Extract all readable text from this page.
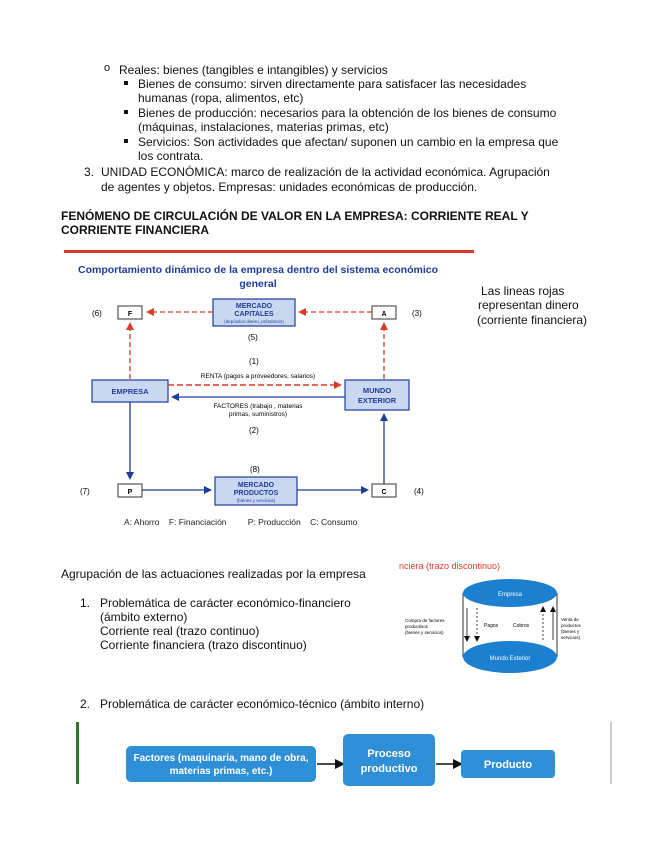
o Reales: bienes (tangibles e intangibles) y servicios
Bienes de consumo: sirven directamente para satisfacer las necesidades
humanas (ropa, alimentos, etc)
Bienes de producción: necesarios para la obtención de los bienes de consumo
(máquinas, instalaciones, materias primas, etc)
Servicios: Son actividades que afectan/ suponen un cambio en la empresa que
los contrata.
3. UNIDAD ECONÓMICA: marco de realización de la actividad económica. Agrupación
de agentes y objetos. Empresas: unidades económicas de producción.
FENÓMENO DE CIRCULACIÓN DE VALOR EN LA EMPRESA: CORRIENTE REAL Y
CORRIENTE FINANCIERA
Comportamiento dinámico de la empresa dentro del sistema económico
general
MERCADO
CAPITALES
(depósitos dinero, préstamos)
F	A
(6)	(3)
(5)
EMPRESA	MUNDO
EXTERIOR
(1)
RENTA (pagos a proveedores, salarios)
FACTORES (trabajo , materias
primas, suministros)
(2)
(8)
MERCADO
PRODUCTOS
(bienes y servicios)
P	C
(7)	(4)
A: Ahorro    F: Financiación         P: Producción    C: Consumo
Las lineas rojas
representan dinero
(corriente financiera)
Agrupación de las actuaciones realizadas por la empresa
1. Problemática de carácter económico-financiero
(ámbito externo)
Corriente real (trazo continuo)
Corriente financiera (trazo discontinuo)
nciera (trazo discontinuo)
Empresa
Mundo Exterior
Pagos	Cobros
Compra de factores
productivos
(bienes y servicios)
Venta de
productos
(bienes y
servicios)
2. Problemática de carácter económico-técnico (ámbito interno)
Factores (maquinaria, mano de obra,
materias primas, etc.)
Proceso
productivo	Producto
